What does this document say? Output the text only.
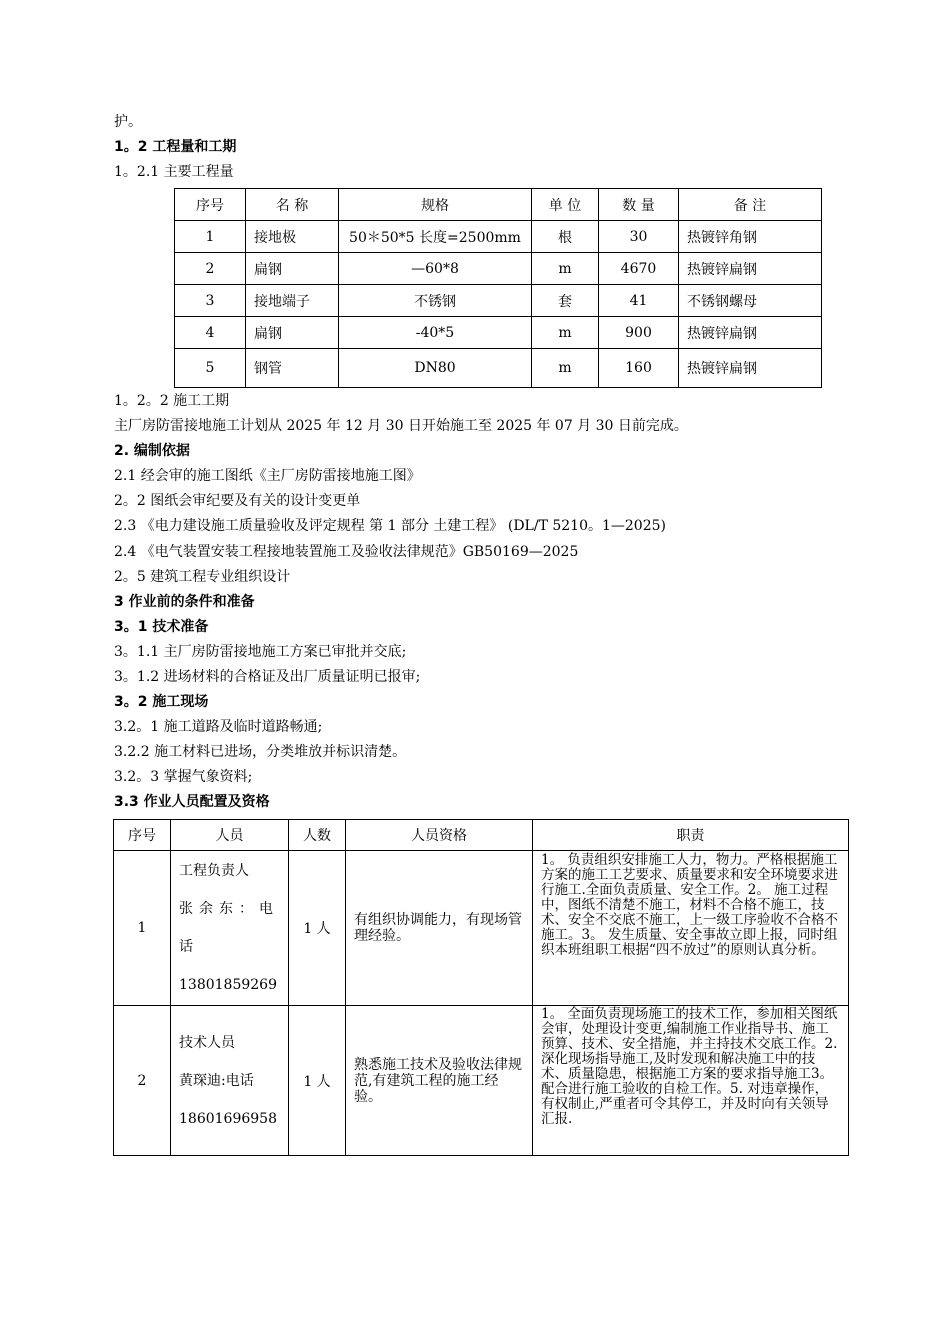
护。
1。2 工程量和工期
1。2.1 主要工程量
序号	名 称	规格	单 位	数 量	备 注
1	接地极	50＊50*5 长度=2500mm	根	30	热镀锌角钢
2	扁钢	—60*8	m	4670	热镀锌扁钢
3	接地端子	不锈钢	套	41	不锈钢螺母
4	扁钢	-40*5	m	900	热镀锌扁钢
5	钢管	DN80	m	160	热镀锌扁钢
1。2。2 施工工期
主厂房防雷接地施工计划从 2025 年 12 月 30 日开始施工至 2025 年 07 月 30 日前完成。
2. 编制依据
2.1 经会审的施工图纸《主厂房防雷接地施工图》
2。2 图纸会审纪要及有关的设计变更单
2.3 《电力建设施工质量验收及评定规程 第 1 部分 土建工程》 (DL/T 5210。1—2025)
2.4 《电气装置安装工程接地装置施工及验收法律规范》GB50169—2025
2。5 建筑工程专业组织设计
3 作业前的条件和准备
3。1 技术准备
3。1.1 主厂房防雷接地施工方案已审批并交底;
3。1.2 进场材料的合格证及出厂质量证明已报审;
3。2 施工现场
3.2。1 施工道路及临时道路畅通;
3.2.2 施工材料已进场，分类堆放并标识清楚。
3.2。3 掌握气象资料;
3.3 作业人员配置及资格
序号	人员	人数	人员资格	职责
1	工程负责人
张余东：电
话
13801859269	1 人	有组织协调能力，有现场管理经验。	1。 负责组织安排施工人力，物力。严格根据施工方案的施工工艺要求、质量要求和安全环境要求进行施工.全面负责质量、安全工作。2。 施工过程中，图纸不清楚不施工，材料不合格不施工，技术、安全不交底不施工，上一级工序验收不合格不施工。3。 发生质量、安全事故立即上报，同时组织本班组职工根据“四不放过”的原则认真分析。
2	技术人员
黄琛迪:电话
18601696958	1 人	熟悉施工技术及验收法律规范,有建筑工程的施工经验。	1。 全面负责现场施工的技术工作，参加相关图纸会审，处理设计变更,编制施工作业指导书、施工预算、技术、安全措施，并主持技术交底工作。2. 深化现场指导施工,及时发现和解决施工中的技术、质量隐患，根据施工方案的要求指导施工3。 配合进行施工验收的自检工作。5. 对违章操作，有权制止,严重者可令其停工，并及时向有关领导汇报.
